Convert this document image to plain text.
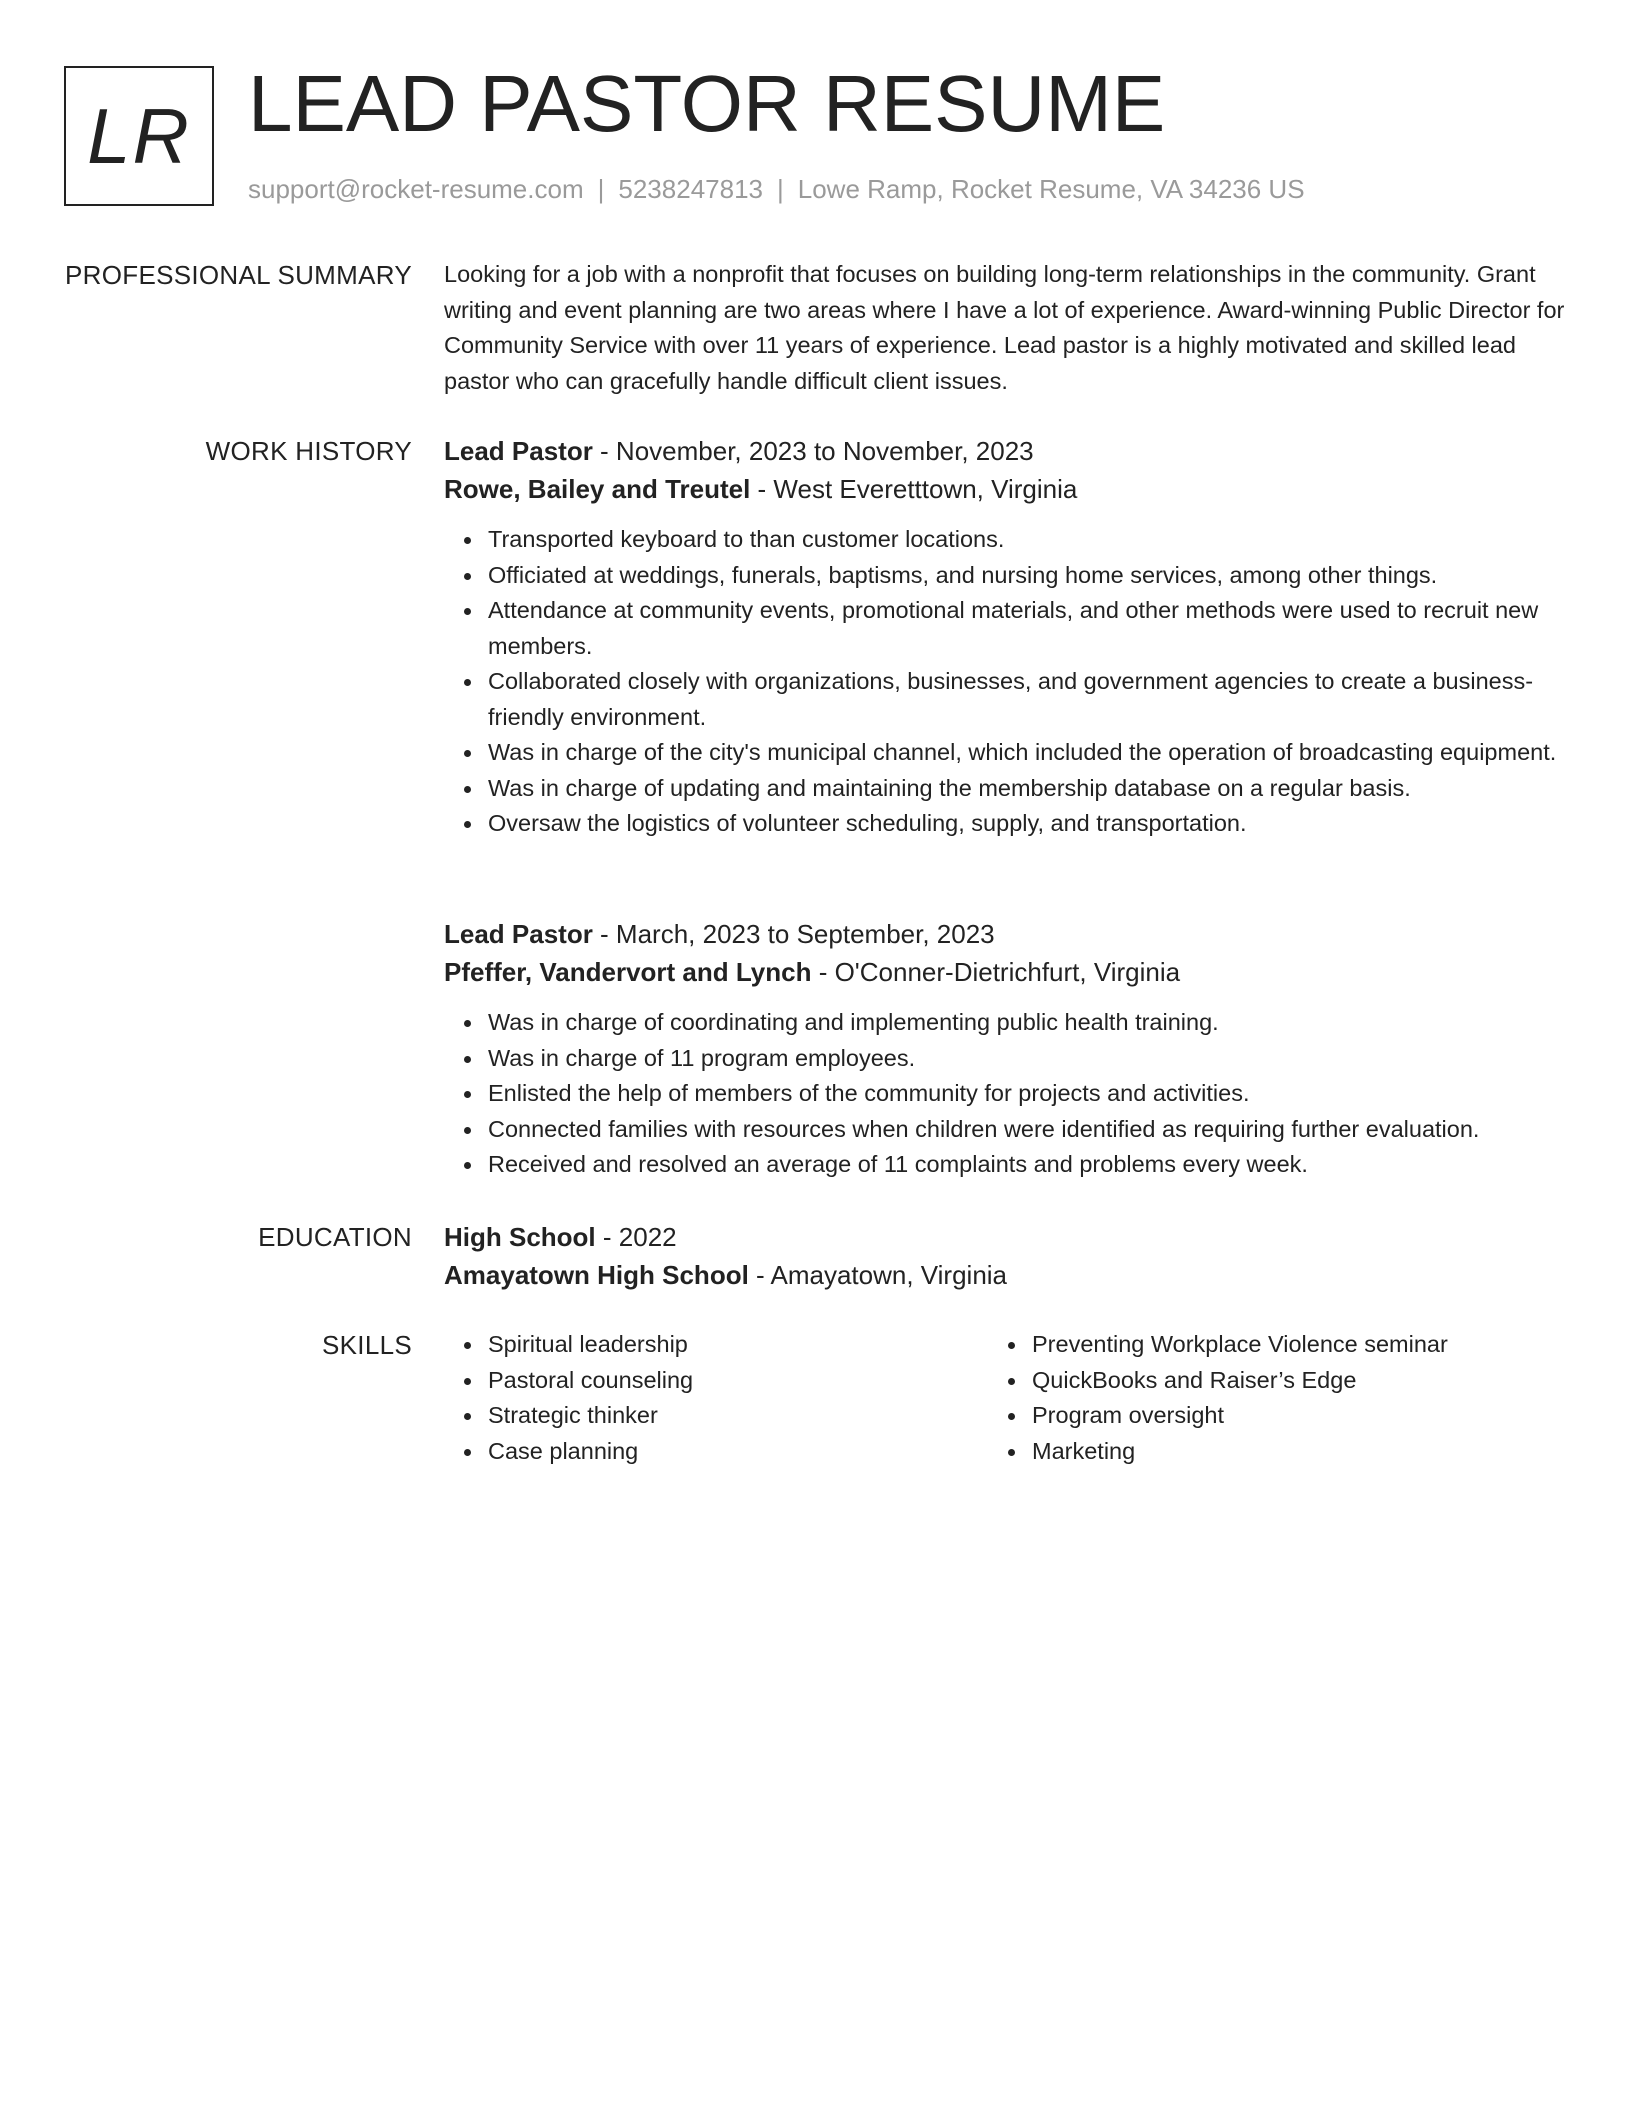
LR LEAD PASTOR RESUME
support@rocket-resume.com | 5238247813 | Lowe Ramp, Rocket Resume, VA 34236 US
PROFESSIONAL SUMMARY Looking for a job with a nonprofit that focuses on building long-term relationships in the community. Grant writing and event planning are two areas where I have a lot of experience. Award-winning Public Director for Community Service with over 11 years of experience. Lead pastor is a highly motivated and skilled lead pastor who can gracefully handle difficult client issues.

WORK HISTORY Lead Pastor - November, 2023 to November, 2023
Rowe, Bailey and Treutel - West Everetttown, Virginia
Transported keyboard to than customer locations.
Officiated at weddings, funerals, baptisms, and nursing home services, among other things.
Attendance at community events, promotional materials, and other methods were used to recruit new members.
Collaborated closely with organizations, businesses, and government agencies to create a business-friendly environment.
Was in charge of the city's municipal channel, which included the operation of broadcasting equipment.
Was in charge of updating and maintaining the membership database on a regular basis.
Oversaw the logistics of volunteer scheduling, supply, and transportation.
Lead Pastor - March, 2023 to September, 2023
Pfeffer, Vandervort and Lynch - O'Conner-Dietrichfurt, Virginia
Was in charge of coordinating and implementing public health training.
Was in charge of 11 program employees.
Enlisted the help of members of the community for projects and activities.
Connected families with resources when children were identified as requiring further evaluation.
Received and resolved an average of 11 complaints and problems every week.
EDUCATION High School - 2022
Amayatown High School - Amayatown, Virginia
SKILLS	Spiritual leadership
Pastoral counseling
Strategic thinker
Case planning
Preventing Workplace Violence seminar
QuickBooks and Raiser’s Edge
Program oversight
Marketing
